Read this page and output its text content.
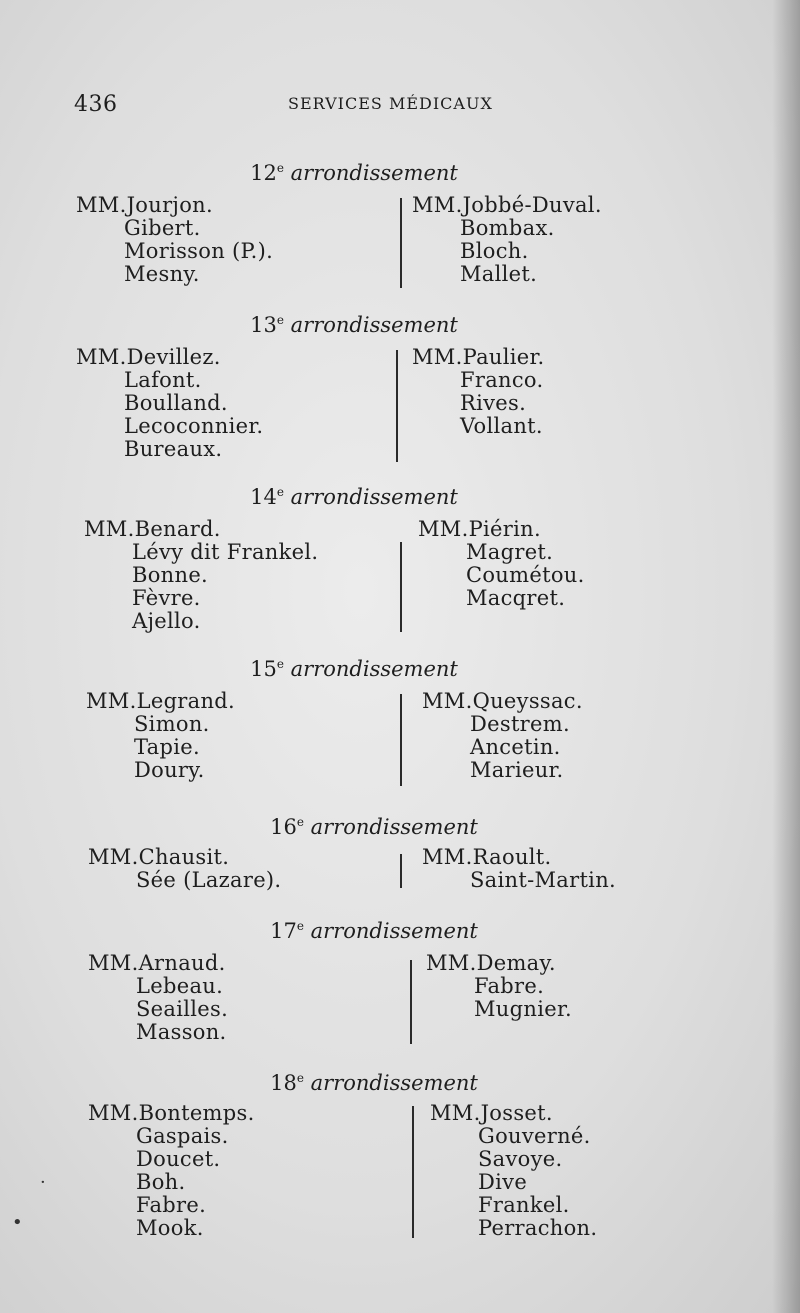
436	SERVICES MÉDICAUX
12e arrondissement
MM.Jourjon.
Gibert.
Morisson (P.).
Mesny.
MM.Jobbé-Duval.
Bombax.
Bloch.
Mallet.
13e arrondissement
MM.Devillez.
Lafont.
Boulland.
Lecoconnier.
Bureaux.
MM.Paulier.
Franco.
Rives.
Vollant.
14e arrondissement
MM.Benard.
Lévy dit Frankel.
Bonne.
Fèvre.
Ajello.
MM.Piérin.
Magret.
Coumétou.
Macqret.
15e arrondissement
MM.Legrand.
Simon.
Tapie.
Doury.
MM.Queyssac.
Destrem.
Ancetin.
Marieur.
16e arrondissement
MM.Chausit.
Sée (Lazare).
MM.Raoult.
Saint-Martin.
17e arrondissement
MM.Arnaud.
Lebeau.
Seailles.
Masson.
MM.Demay.
Fabre.
Mugnier.
18e arrondissement
MM.Bontemps.
Gaspais.
Doucet.
Boh.
Fabre.
Mook.
MM.Josset.
Gouverné.
Savoye.
Dive
Frankel.
Perrachon.
•
·
